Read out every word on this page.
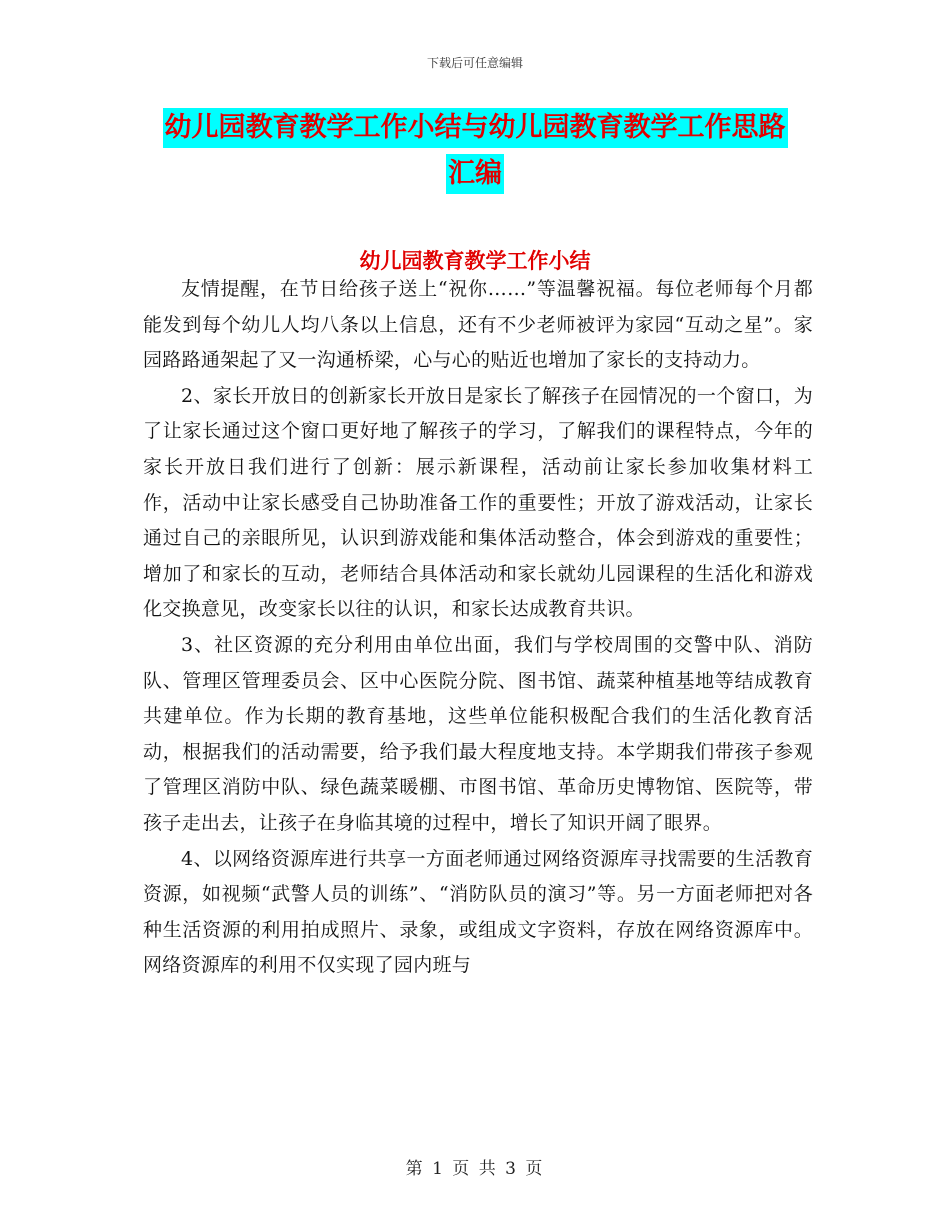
下载后可任意编辑
幼儿园教育教学工作小结与幼儿园教育教学工作思路
汇编
幼儿园教育教学工作小结

友情提醒，在节日给孩子送上“祝你……”等温馨祝福。每位老师每个月都能发到每个幼儿人均八条以上信息，还有不少老师被评为家园“互动之星”。家园路路通架起了又一沟通桥梁，心与心的贴近也增加了家长的支持动力。

2、家长开放日的创新家长开放日是家长了解孩子在园情况的一个窗口，为了让家长通过这个窗口更好地了解孩子的学习，了解我们的课程特点，今年的家长开放日我们进行了创新：展示新课程，活动前让家长参加收集材料工　作，活动中让家长感受自己协助准备工作的重要性；开放了游戏活动，让家长通过自己的亲眼所见，认识到游戏能和集体活动整合，体会到游戏的重要性；增加了和家长的互动，老师结合具体活动和家长就幼儿园课程的生活化和游戏化交换意见，改变家长以往的认识，和家长达成教育共识。

3、社区资源的充分利用由单位出面，我们与学校周围的交警中队、消防队、管理区管理委员会、区中心医院分院、图书馆、蔬菜种植基地等结成教育共建单位。作为长期的教育基地，这些单位能积极配合我们的生活化教育活动，根据我们的活动需要，给予我们最大程度地支持。本学期我们带孩子参观了管理区消防中队、绿色蔬菜暖棚、市图书馆、革命历史博物馆、医院等，带孩子走出去，让孩子在身临其境的过程中，增长了知识开阔了眼界。

4、以网络资源库进行共享一方面老师通过网络资源库寻找需要的生活教育资源，如视频“武警人员的训练”、“消防队员的演习”等。另一方面老师把对各种生活资源的利用拍成照片、录象，或组成文字资料，存放在网络资源库中。网络资源库的利用不仅实现了园内班与

第 1 页 共 3 页
